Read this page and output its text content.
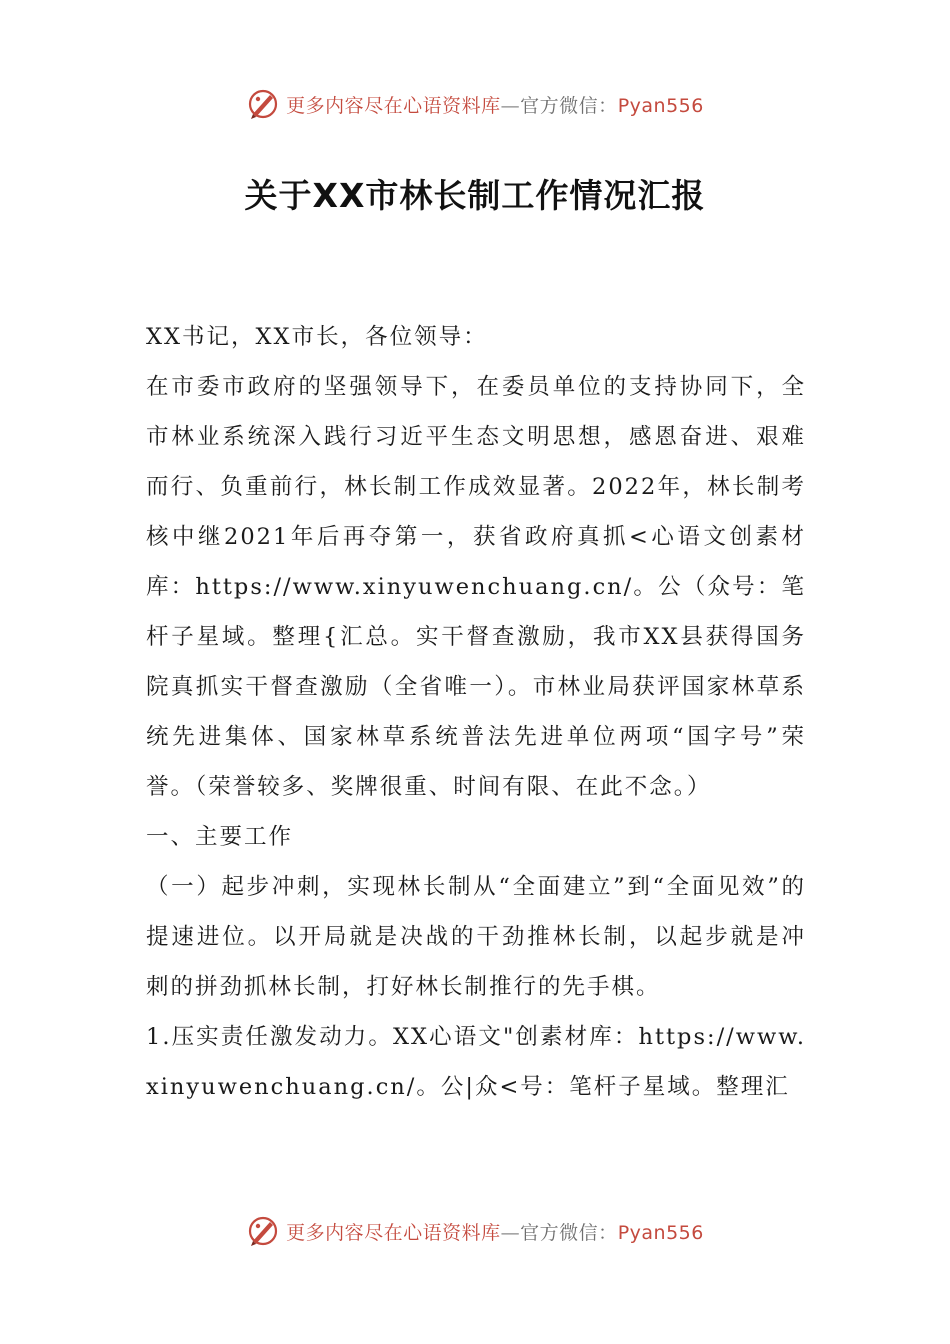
更多内容尽在心语资料库—官方微信：Pyan556
关于XX市林长制工作情况汇报

XX书记，XX市长，各位领导：

在市委市政府的坚强领导下，在委员单位的支持协同下，全市林业系统深入践行习近平生态文明思想，感恩奋进、艰难而行、负重前行，林长制工作成效显著。2022年，林长制考核中继2021年后再夺第一，获省政府真抓<心语文创素材库：https://www.xinyuwenchuang.cn/。公（众号：笔杆子星域。整理{汇总。实干督查激励，我市XX县获得国务院真抓实干督查激励（全省唯一）。市林业局获评国家林草系统先进集体、国家林草系统普法先进单位两项“国字号”荣誉。（荣誉较多、奖牌很重、时间有限、在此不念。）

一、主要工作

（一）起步冲刺，实现林长制从“全面建立”到“全面见效”的提速进位。以开局就是决战的干劲推林长制，以起步就是冲刺的拼劲抓林长制，打好林长制推行的先手棋。

1.压实责任激发动力。XX心语文"创素材库：https://www.xinyuwenchuang.cn/。公|众<号：笔杆子星域。整理汇

更多内容尽在心语资料库—官方微信：Pyan556
